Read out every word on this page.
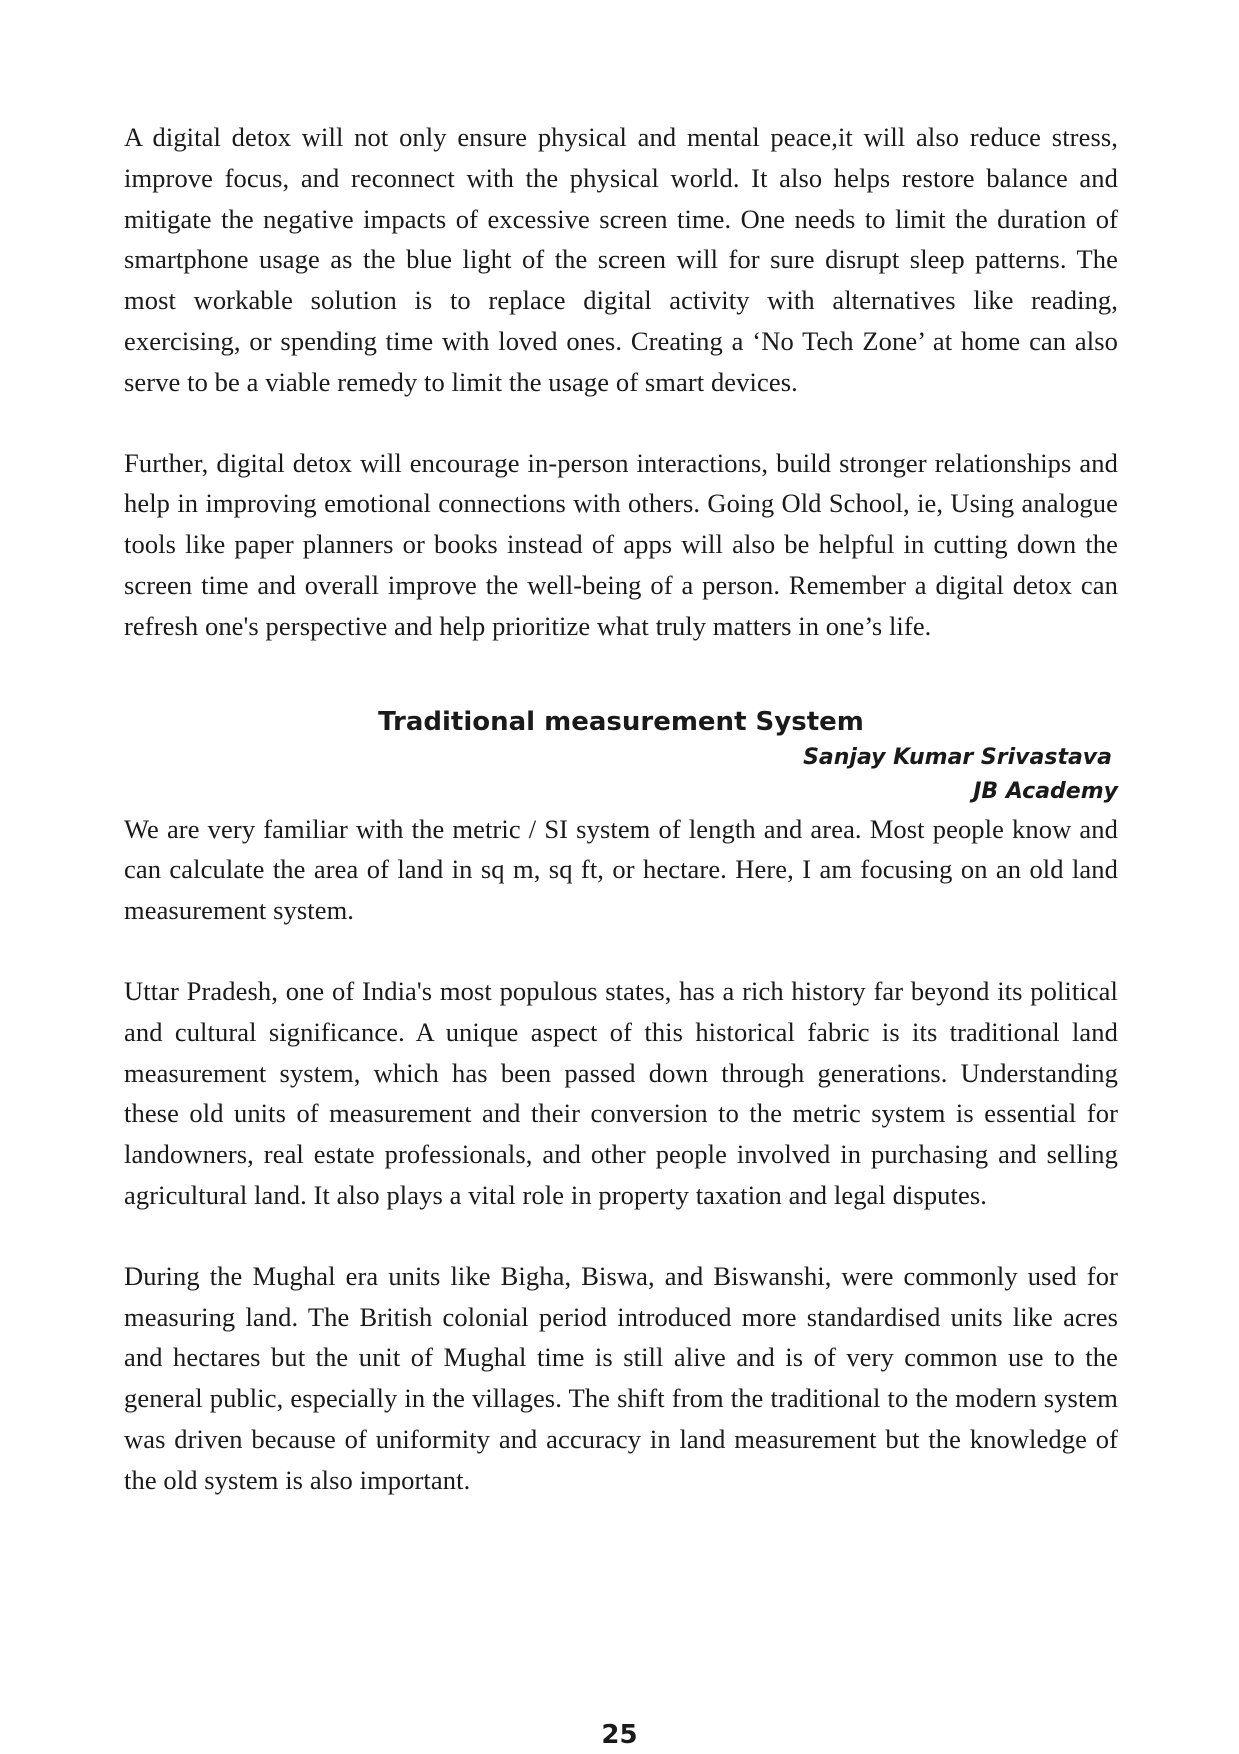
A digital detox will not only ensure physical and mental peace,it will also reduce stress, improve focus, and reconnect with the physical world. It also helps restore balance and mitigate the negative impacts of excessive screen time. One needs to limit the duration of smartphone usage as the blue light of the screen will for sure disrupt sleep patterns. The most workable solution is to replace digital activity with alternatives like reading, exercising, or spending time with loved ones. Creating a ‘No Tech Zone’ at home can also serve to be a viable remedy to limit the usage of smart devices.

Further, digital detox will encourage in-person interactions, build stronger relationships and help in improving emotional connections with others. Going Old School, ie, Using analogue tools like paper planners or books instead of apps will also be helpful in cutting down the screen time and overall improve the well-being of a person. Remember a digital detox can refresh one's perspective and help prioritize what truly matters in one’s life.

Traditional measurement System

Sanjay Kumar Srivastava

JB Academy

We are very familiar with the metric / SI system of length and area. Most people know and can calculate the area of land in sq m, sq ft, or hectare. Here, I am focusing on an old land measurement system.

Uttar Pradesh, one of India's most populous states, has a rich history far beyond its political and cultural significance. A unique aspect of this historical fabric is its traditional land measurement system, which has been passed down through generations. Understanding these old units of measurement and their conversion to the metric system is essential for landowners, real estate professionals, and other people involved in purchasing and selling agricultural land. It also plays a vital role in property taxation and legal disputes.

During the Mughal era units like Bigha, Biswa, and Biswanshi, were commonly used for measuring land. The British colonial period introduced more standardised units like acres and hectares but the unit of Mughal time is still alive and is of very common use to the general public, especially in the villages. The shift from the traditional to the modern system was driven because of uniformity and accuracy in land measurement but the knowledge of the old system is also important.

25
